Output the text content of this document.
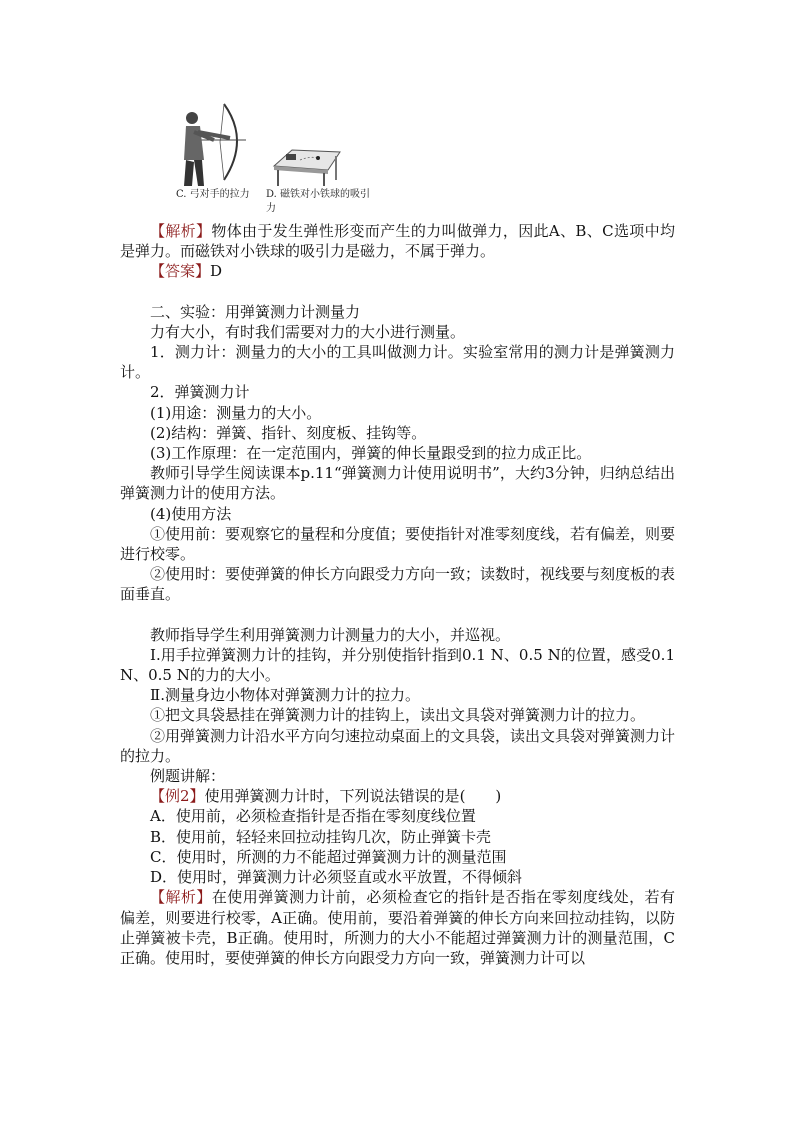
C. 弓对手的拉力 D. 磁铁对小铁球的吸引力

【解析】物体由于发生弹性形变而产生的力叫做弹力，因此A、B、C选项中均是弹力。而磁铁对小铁球的吸引力是磁力，不属于弹力。

【答案】D

二、实验：用弹簧测力计测量力

力有大小，有时我们需要对力的大小进行测量。

1．测力计：测量力的大小的工具叫做测力计。实验室常用的测力计是弹簧测力计。

2．弹簧测力计

(1)用途：测量力的大小。

(2)结构：弹簧、指针、刻度板、挂钩等。

(3)工作原理：在一定范围内，弹簧的伸长量跟受到的拉力成正比。

教师引导学生阅读课本p.11“弹簧测力计使用说明书”，大约3分钟，归纳总结出弹簧测力计的使用方法。

(4)使用方法

①使用前：要观察它的量程和分度值；要使指针对准零刻度线，若有偏差，则要进行校零。

②使用时：要使弹簧的伸长方向跟受力方向一致；读数时，视线要与刻度板的表面垂直。

教师指导学生利用弹簧测力计测量力的大小，并巡视。

Ⅰ.用手拉弹簧测力计的挂钩，并分别使指针指到0.1 N、0.5 N的位置，感受0.1 N、0.5 N的力的大小。

Ⅱ.测量身边小物体对弹簧测力计的拉力。

①把文具袋悬挂在弹簧测力计的挂钩上，读出文具袋对弹簧测力计的拉力。

②用弹簧测力计沿水平方向匀速拉动桌面上的文具袋，读出文具袋对弹簧测力计的拉力。

例题讲解：

【例2】使用弹簧测力计时，下列说法错误的是(　　)

A．使用前，必须检查指针是否指在零刻度线位置

B．使用前，轻轻来回拉动挂钩几次，防止弹簧卡壳

C．使用时，所测的力不能超过弹簧测力计的测量范围

D．使用时，弹簧测力计必须竖直或水平放置，不得倾斜

【解析】在使用弹簧测力计前，必须检查它的指针是否指在零刻度线处，若有偏差，则要进行校零，A正确。使用前，要沿着弹簧的伸长方向来回拉动挂钩，以防止弹簧被卡壳，B正确。使用时，所测力的大小不能超过弹簧测力计的测量范围，C正确。使用时，要使弹簧的伸长方向跟受力方向一致，弹簧测力计可以
